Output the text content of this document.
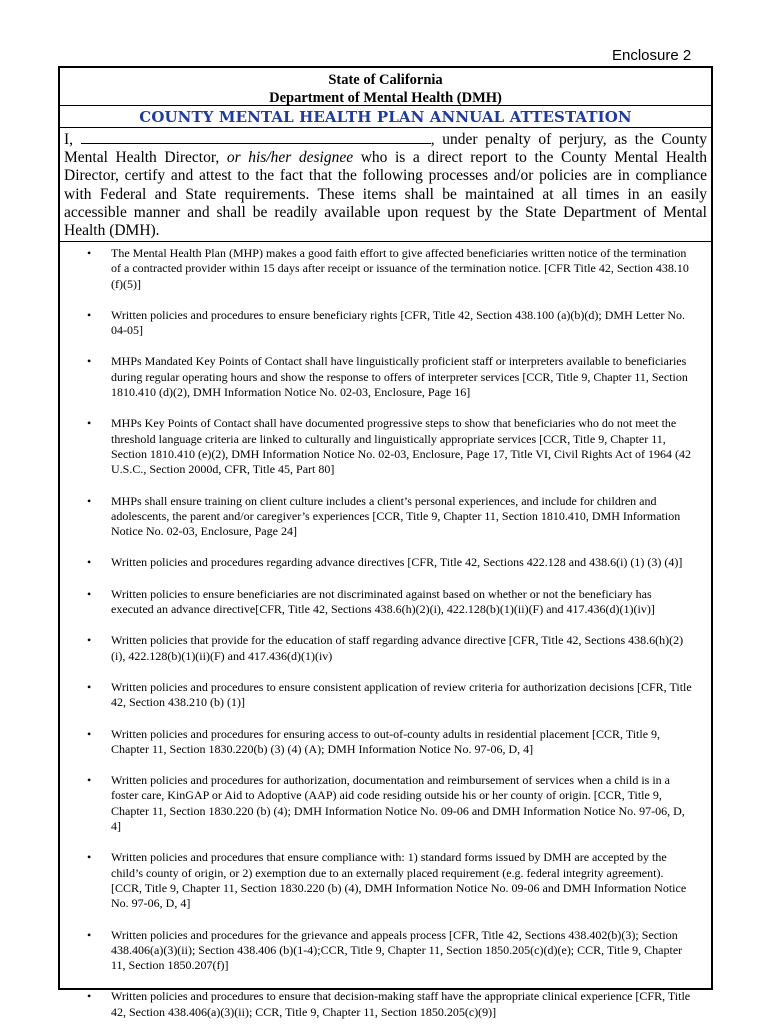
Enclosure 2
State of California
Department of Mental Health (DMH)
COUNTY MENTAL HEALTH PLAN ANNUAL ATTESTATION
I,	, under penalty of perjury, as the County Mental Health Director, or his/her designee who is a direct report to the County Mental Health Director, certify and attest to the fact that the following processes and/or policies are in compliance with Federal and State requirements. These items shall be maintained at all times in an easily accessible manner and shall be readily available upon request by the State Department of Mental Health (DMH).
• The Mental Health Plan (MHP) makes a good faith effort to give affected beneficiaries written notice of the termination of a contracted provider within 15 days after receipt or issuance of the termination notice. [CFR Title 42, Section 438.10 (f)(5)]
• Written policies and procedures to ensure beneficiary rights [CFR, Title 42, Section 438.100 (a)(b)(d); DMH Letter No. 04-05]
• MHPs Mandated Key Points of Contact shall have linguistically proficient staff or interpreters available to beneficiaries during regular operating hours and show the response to offers of interpreter services [CCR, Title 9, Chapter 11, Section 1810.410 (d)(2), DMH Information Notice No. 02-03, Enclosure, Page 16]
• MHPs Key Points of Contact shall have documented progressive steps to show that beneficiaries who do not meet the threshold language criteria are linked to culturally and linguistically appropriate services [CCR, Title 9, Chapter 11, Section 1810.410 (e)(2), DMH Information Notice No. 02-03, Enclosure, Page 17, Title VI, Civil Rights Act of 1964 (42 U.S.C., Section 2000d, CFR, Title 45, Part 80]
• MHPs shall ensure training on client culture includes a client’s personal experiences, and include for children and adolescents, the parent and/or caregiver’s experiences [CCR, Title 9, Chapter 11, Section 1810.410, DMH Information Notice No. 02-03, Enclosure, Page 24]
• Written policies and procedures regarding advance directives [CFR, Title 42, Sections 422.128 and 438.6(i) (1) (3) (4)]
• Written policies to ensure beneficiaries are not discriminated against based on whether or not the beneficiary has executed an advance directive[CFR, Title 42, Sections 438.6(h)(2)(i), 422.128(b)(1)(ii)(F) and 417.436(d)(1)(iv)]
• Written policies that provide for the education of staff regarding advance directive [CFR, Title 42, Sections 438.6(h)(2)(i), 422.128(b)(1)(ii)(F) and 417.436(d)(1)(iv)
• Written policies and procedures to ensure consistent application of review criteria for authorization decisions [CFR, Title 42, Section 438.210 (b) (1)]
• Written policies and procedures for ensuring access to out-of-county adults in residential placement [CCR, Title 9, Chapter 11, Section 1830.220(b) (3) (4) (A); DMH Information Notice No. 97-06, D, 4]
• Written policies and procedures for authorization, documentation and reimbursement of services when a child is in a foster care, KinGAP or Aid to Adoptive (AAP) aid code residing outside his or her county of origin. [CCR, Title 9, Chapter 11, Section 1830.220 (b) (4); DMH Information Notice No. 09-06 and DMH Information Notice No. 97-06, D, 4]
• Written policies and procedures that ensure compliance with: 1) standard forms issued by DMH are accepted by the child’s county of origin, or 2) exemption due to an externally placed requirement (e.g. federal integrity agreement). [CCR, Title 9, Chapter 11, Section 1830.220 (b) (4), DMH Information Notice No. 09-06 and DMH Information Notice No. 97-06, D, 4]
• Written policies and procedures for the grievance and appeals process [CFR, Title 42, Sections 438.402(b)(3); Section 438.406(a)(3)(ii); Section 438.406 (b)(1-4);CCR, Title 9, Chapter 11, Section 1850.205(c)(d)(e); CCR, Title 9, Chapter 11, Section 1850.207(f)]
• Written policies and procedures to ensure that decision-making staff have the appropriate clinical experience [CFR, Title 42, Section 438.406(a)(3)(ii); CCR, Title 9, Chapter 11, Section 1850.205(c)(9)]
